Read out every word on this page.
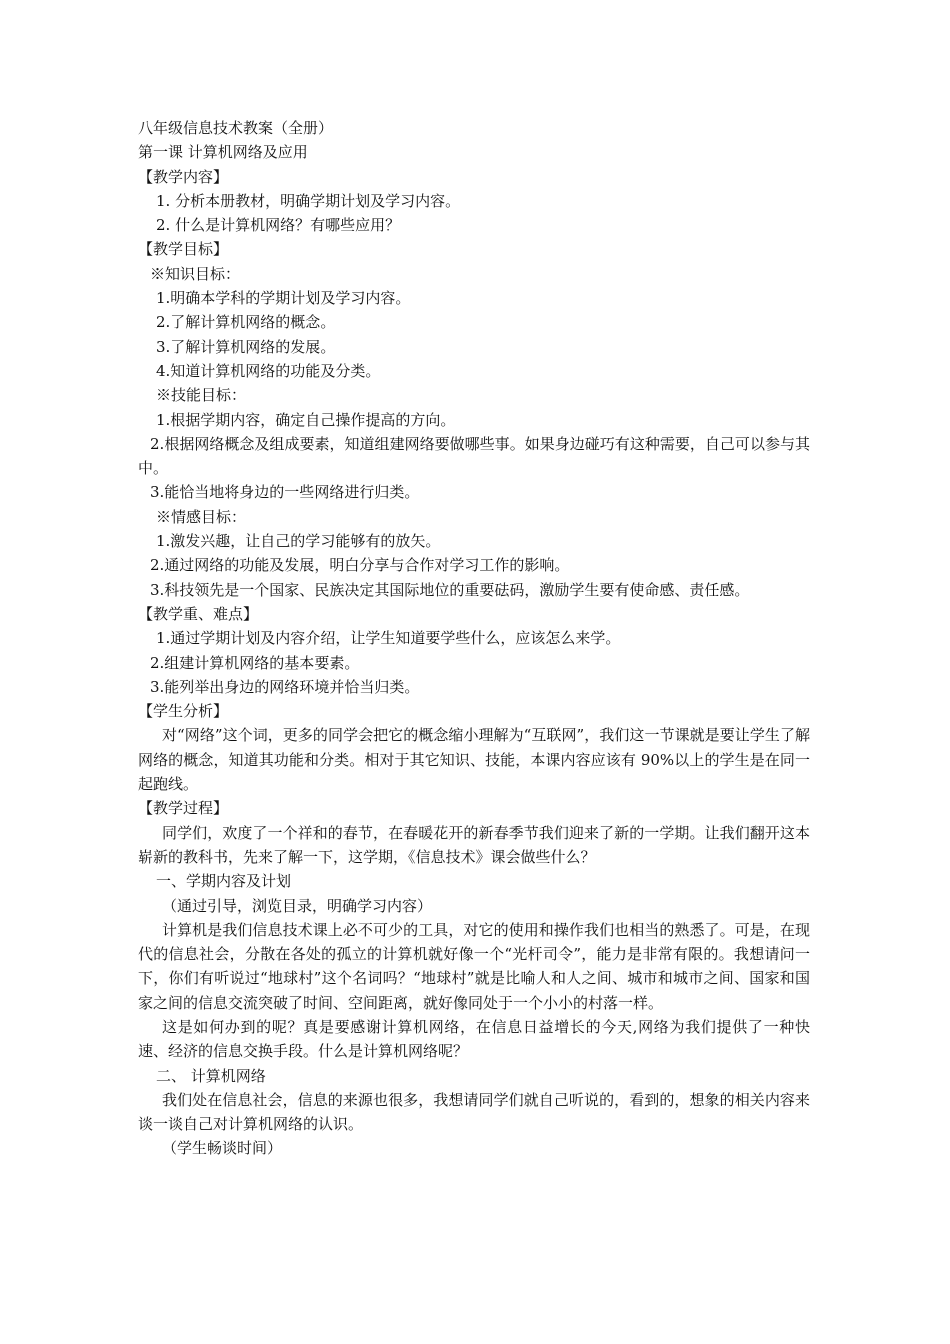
八年级信息技术教案（全册）

第一课 计算机网络及应用

【教学内容】

1. 分析本册教材，明确学期计划及学习内容。

2. 什么是计算机网络？有哪些应用？

【教学目标】

※知识目标：

1.明确本学科的学期计划及学习内容。

2.了解计算机网络的概念。

3.了解计算机网络的发展。

4.知道计算机网络的功能及分类。

※技能目标：

1.根据学期内容，确定自己操作提高的方向。

2.根据网络概念及组成要素，知道组建网络要做哪些事。如果身边碰巧有这种需要，自己可以参与其中。

3.能恰当地将身边的一些网络进行归类。

※情感目标：

1.激发兴趣，让自己的学习能够有的放矢。

2.通过网络的功能及发展，明白分享与合作对学习工作的影响。

3.科技领先是一个国家、民族决定其国际地位的重要砝码，激励学生要有使命感、责任感。

【教学重、难点】

1.通过学期计划及内容介绍，让学生知道要学些什么，应该怎么来学。

2.组建计算机网络的基本要素。

3.能列举出身边的网络环境并恰当归类。

【学生分析】

对“网络”这个词，更多的同学会把它的概念缩小理解为“互联网”，我们这一节课就是要让学生了解网络的概念，知道其功能和分类。相对于其它知识、技能，本课内容应该有 90%以上的学生是在同一起跑线。

【教学过程】

同学们，欢度了一个祥和的春节，在春暖花开的新春季节我们迎来了新的一学期。让我们翻开这本崭新的教科书，先来了解一下，这学期，《信息技术》课会做些什么？

一、学期内容及计划

（通过引导，浏览目录，明确学习内容）

计算机是我们信息技术课上必不可少的工具，对它的使用和操作我们也相当的熟悉了。可是，在现代的信息社会，分散在各处的孤立的计算机就好像一个“光杆司令”，能力是非常有限的。我想请问一下，你们有听说过“地球村”这个名词吗？“地球村”就是比喻人和人之间、城市和城市之间、国家和国家之间的信息交流突破了时间、空间距离，就好像同处于一个小小的村落一样。

这是如何办到的呢？真是要感谢计算机网络，在信息日益增长的今天,网络为我们提供了一种快速、经济的信息交换手段。什么是计算机网络呢？

二、 计算机网络

我们处在信息社会，信息的来源也很多，我想请同学们就自己听说的，看到的，想象的相关内容来谈一谈自己对计算机网络的认识。

（学生畅谈时间）
